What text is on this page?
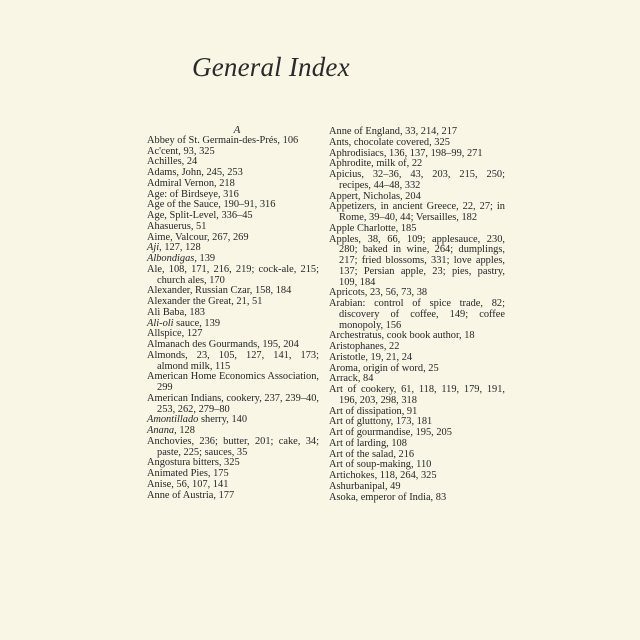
General Index
A
Abbey of St. Germain-des-Prés, 106
Ac'cent, 93, 325
Achilles, 24
Adams, John, 245, 253
Admiral Vernon, 218
Age: of Birdseye, 316
Age of the Sauce, 190–91, 316
Age, Split-Level, 336–45
Ahasuerus, 51
Aime, Valcour, 267, 269
Aji, 127, 128
Albondigas, 139
Ale, 108, 171, 216, 219; cock-ale, 215; church ales, 170
Alexander, Russian Czar, 158, 184
Alexander the Great, 21, 51
Ali Baba, 183
Ali-oli sauce, 139
Allspice, 127
Almanach des Gourmands, 195, 204
Almonds, 23, 105, 127, 141, 173; almond milk, 115
American Home Economics Association, 299
American Indians, cookery, 237, 239–40, 253, 262, 279–80
Amontillado sherry, 140
Anana, 128
Anchovies, 236; butter, 201; cake, 34; paste, 225; sauces, 35
Angostura bitters, 325
Animated Pies, 175
Anise, 56, 107, 141
Anne of Austria, 177
Anne of England, 33, 214, 217
Ants, chocolate covered, 325
Aphrodisiacs, 136, 137, 198–99, 271
Aphrodite, milk of, 22
Apicius, 32–36, 43, 203, 215, 250; recipes, 44–48, 332
Appert, Nicholas, 204
Appetizers, in ancient Greece, 22, 27; in Rome, 39–40, 44; Versailles, 182
Apple Charlotte, 185
Apples, 38, 66, 109; applesauce, 230, 280; baked in wine, 264; dumplings, 217; fried blossoms, 331; love apples, 137; Persian apple, 23; pies, pastry, 109, 184
Apricots, 23, 56, 73, 38
Arabian: control of spice trade, 82; discovery of coffee, 149; coffee monopoly, 156
Archestratus, cook book author, 18
Aristophanes, 22
Aristotle, 19, 21, 24
Aroma, origin of word, 25
Arrack, 84
Art of cookery, 61, 118, 119, 179, 191, 196, 203, 298, 318
Art of dissipation, 91
Art of gluttony, 173, 181
Art of gourmandise, 195, 205
Art of larding, 108
Art of the salad, 216
Art of soup-making, 110
Artichokes, 118, 264, 325
Ashurbanipal, 49
Asoka, emperor of India, 83
